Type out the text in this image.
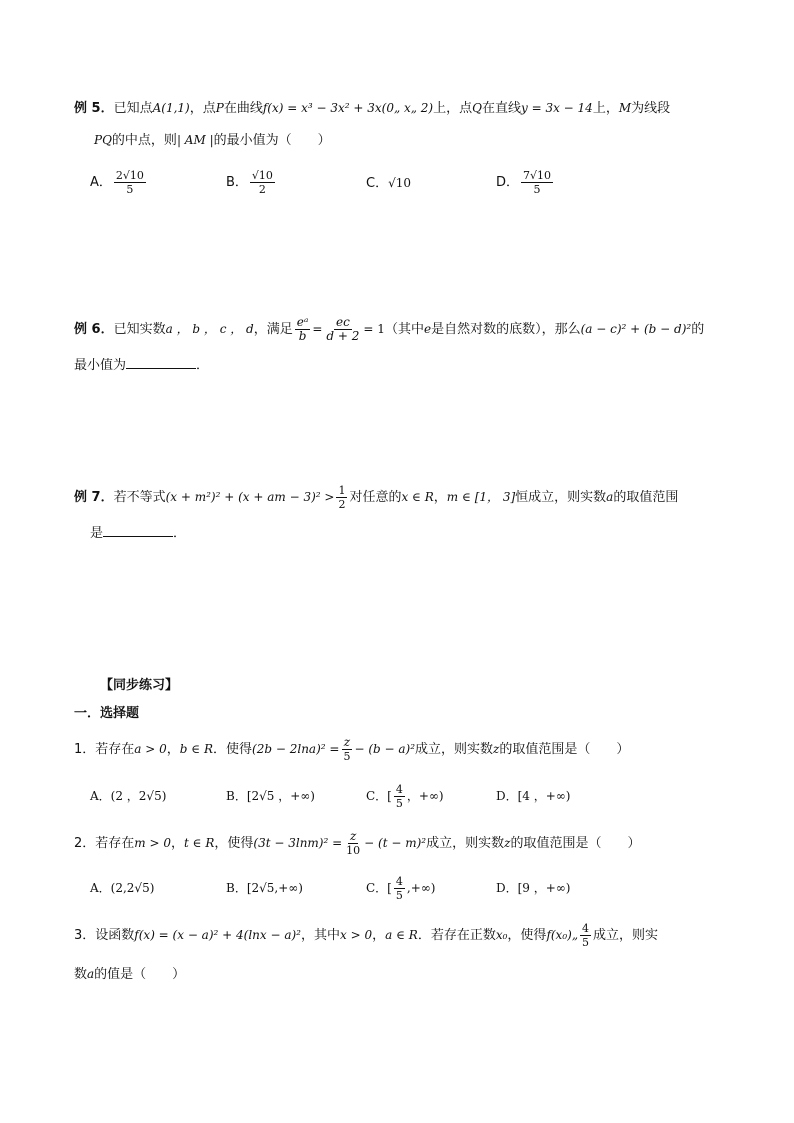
例 5．已知点A(1,1)，点P在曲线f(x) = x³ − 3x² + 3x(0„ x„ 2)上，点Q在直线y = 3x − 14上，M为线段
PQ的中点，则| AM |的最小值为（　　）
A． $\frac{2√10}{5}$	B． $\frac{√10}{2}$	C．√10	D． $\frac{7√10}{5}$
例 6．已知实数a ， b ， c ， d，满足 $\frac{\text{eᵃ}}{b} = \frac{ec}{d + 2} = 1$（其中e是自然对数的底数），那么(a − c)² + (b − d)²的
最小值为	．
例 7．若不等式(x + m²)² + (x + am − $3)^2 > \frac{1}{2}$ 对任意的x ∈ R，m ∈ [1， 3]恒成立，则实数a的取值范围
是	．
【同步练习】
一．选择题
1．若存在a > 0，b ∈ R．使得$(2b - 2\ln a)^2 = \frac{z}{5} - (b - a)^2$成立，则实数z的取值范围是（　　）
A．(2 ，2√5)	B．[2√5 ，+∞)	C．[ $\frac{4}{5}$ ，+∞)	D．[4 ，+∞)
2．若存在m > 0，t ∈ R，使得$(3t - 3\ln m)^2 = \frac{z}{10} - (t - m)^2$成立，则实数z的取值范围是（　　）
A．(2,2√5)	B．[2√5,+∞)	C．[ $\frac{4}{5}$ ,+∞)	D．[9 ，+∞)
3．设函数f(x) = (x − a)² + 4(lnx − a)²，其中x > 0，a ∈ R．若存在正数x₀，使得f(x₀)„ $\frac{4}{5}$ 成立，则实
数a的值是（　　）
